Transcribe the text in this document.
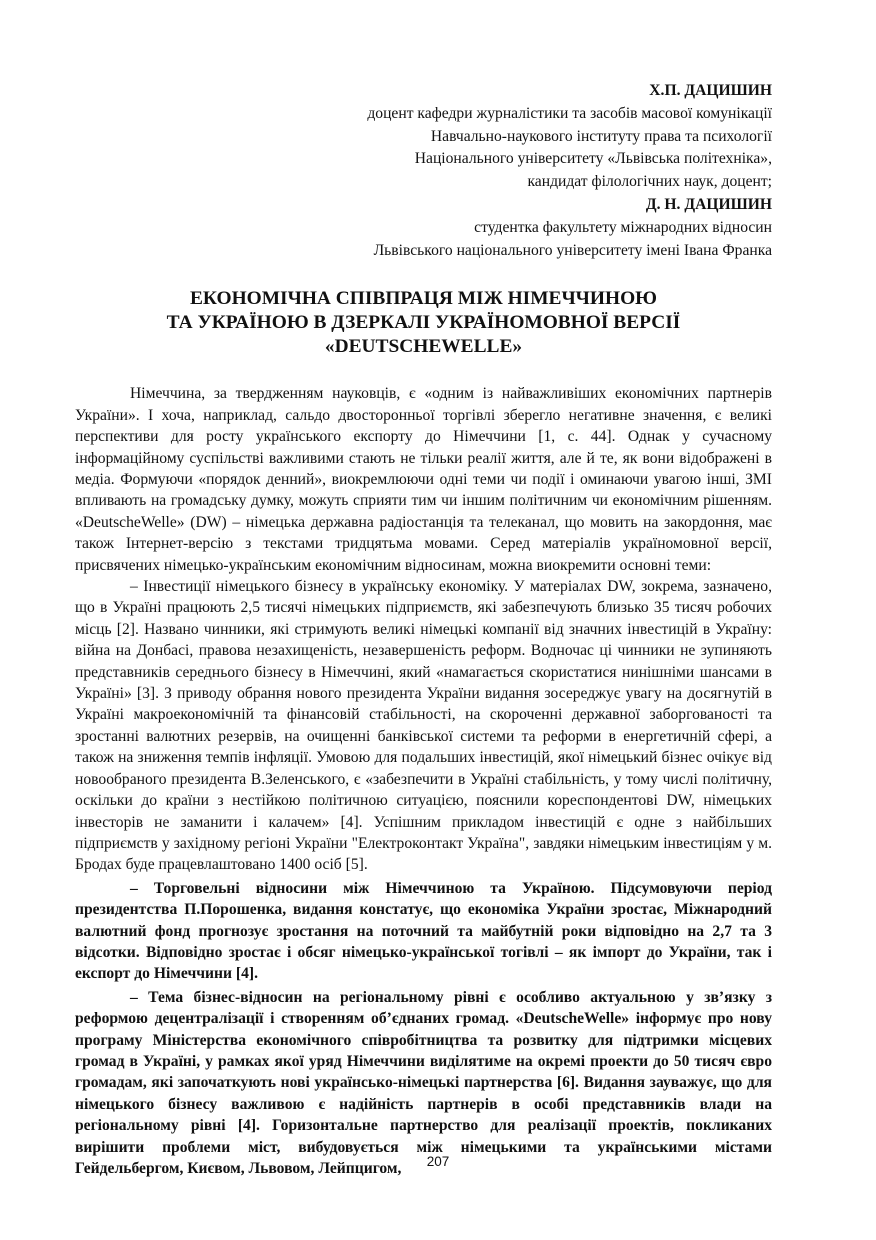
Х.П. ДАЦИШИН
доцент кафедри журналістики та засобів масової комунікації
Навчально-наукового інституту права та психології
Національного університету «Львівська політехніка»,
кандидат філологічних наук, доцент;
Д. Н. ДАЦИШИН
студентка факультету міжнародних відносин
Львівського національного університету імені Івана Франка
ЕКОНОМІЧНА СПІВПРАЦЯ МІЖ НІМЕЧЧИНОЮ
ТА УКРАЇНОЮ В ДЗЕРКАЛІ УКРАЇНОМОВНОЇ ВЕРСІЇ
«DEUTSCHEWELLE»

Німеччина, за твердженням науковців, є «одним із найважливіших економічних партнерів України». І хоча, наприклад, сальдо двосторонньої торгівлі зберегло негативне значення, є великі перспективи для росту українського експорту до Німеччини [1, с. 44]. Однак у сучасному інформаційному суспільстві важливими стають не тільки реалії життя, але й те, як вони відображені в медіа. Формуючи «порядок денний», виокремлюючи одні теми чи події і оминаючи увагою інші, ЗМІ впливають на громадську думку, можуть сприяти тим чи іншим політичним чи економічним рішенням. «DeutscheWelle» (DW) – німецька державна радіостанція та телеканал, що мовить на закордоння, має також Інтернет-версію з текстами тридцятьма мовами. Серед матеріалів україномовної версії, присвячених німецько-українським економічним відносинам, можна виокремити основні теми:

– Інвестиції німецького бізнесу в українську економіку. У матеріалах DW, зокрема, зазначено, що в Україні працюють 2,5 тисячі німецьких підприємств, які забезпечують близько 35 тисяч робочих місць [2]. Названо чинники, які стримують великі німецькі компанії від значних інвестицій в Україну: війна на Донбасі, правова незахищеність, незавершеність реформ. Водночас ці чинники не зупиняють представників середнього бізнесу в Німеччині, який «намагається скористатися нинішніми шансами в Україні» [3]. З приводу обрання нового президента України видання зосереджує увагу на досягнутій в Україні макроекономічній та фінансовій стабільності, на скороченні державної заборгованості та зростанні валютних резервів, на очищенні банківської системи та реформи в енергетичній сфері, а також на зниження темпів інфляції. Умовою для подальших інвестицій, якої німецький бізнес очікує від новообраного президента В.Зеленського, є «забезпечити в Україні стабільність, у тому числі політичну, оскільки до країни з нестійкою політичною ситуацією, пояснили кореспондентові DW, німецьких інвесторів не заманити і калачем» [4]. Успішним прикладом інвестицій є одне з найбільших підприємств у західному регіоні України "Електроконтакт Україна", завдяки німецьким інвестиціям у м. Бродах буде працевлаштовано 1400 осіб [5].

– Торговельні відносини між Німеччиною та Україною. Підсумовуючи період президентства П.Порошенка, видання констатує, що економіка України зростає, Міжнародний валютний фонд прогнозує зростання на поточний та майбутній роки відповідно на 2,7 та 3 відсотки. Відповідно зростає і обсяг німецько-української тогівлі – як імпорт до України, так і експорт до Німеччини [4].

– Тема бізнес-відносин на регіональному рівні є особливо актуальною у зв’язку з реформою децентралізації і створенням об’єднаних громад. «DeutscheWelle» інформує про нову програму Міністерства економічного співробітництва та розвитку для підтримки місцевих громад в Україні, у рамках якої уряд Німеччини виділятиме на окремі проекти до 50 тисяч євро громадам, які започаткують нові українсько-німецькі партнерства [6]. Видання зауважує, що для німецького бізнесу важливою є надійність партнерів в особі представників влади на регіональному рівні [4]. Горизонтальне партнерство для реалізації проектів, покликаних вирішити проблеми міст, вибудовується між німецькими та українськими містами Гейдельбергом, Києвом, Львовом, Лейпцигом,	207
